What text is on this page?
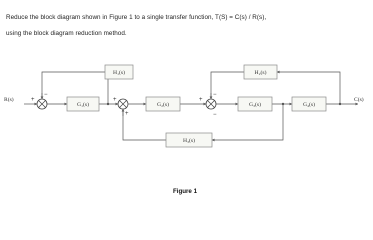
Reduce the block diagram shown in Figure 1 to a single transfer function, T(S) = C(s) / R(s),
using the block diagram reduction method.
G₁(s)	G₂(s)	G₃(s)	G₄(s)
H₁(s)	H₂(s)
H₃(s)
R(s)	C(s)
+
−
+
+
+
−
−
Figure 1
